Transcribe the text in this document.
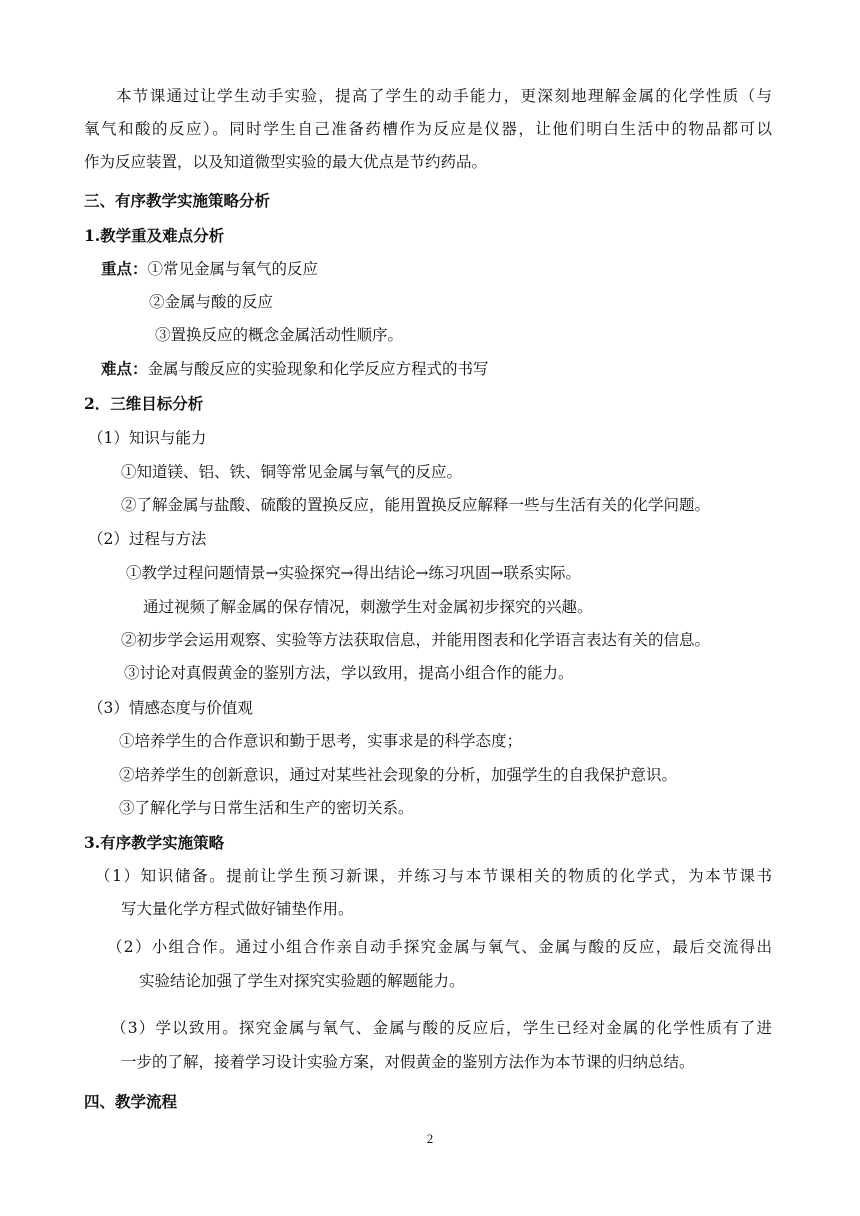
本节课通过让学生动手实验，提高了学生的动手能力，更深刻地理解金属的化学性质（与
氧气和酸的反应）。同时学生自己准备药槽作为反应是仪器，让他们明白生活中的物品都可以
作为反应装置，以及知道微型实验的最大优点是节约药品。
三、有序教学实施策略分析
1.教学重及难点分析
重点：①常见金属与氧气的反应
②金属与酸的反应
③置换反应的概念金属活动性顺序。
难点：金属与酸反应的实验现象和化学反应方程式的书写
2．三维目标分析
（1）知识与能力
①知道镁、铝、铁、铜等常见金属与氧气的反应。
②了解金属与盐酸、硫酸的置换反应，能用置换反应解释一些与生活有关的化学问题。
（2）过程与方法
①教学过程问题情景→实验探究→得出结论→练习巩固→联系实际。
通过视频了解金属的保存情况，刺激学生对金属初步探究的兴趣。
②初步学会运用观察、实验等方法获取信息，并能用图表和化学语言表达有关的信息。
③讨论对真假黄金的鉴别方法，学以致用，提高小组合作的能力。
（3）情感态度与价值观
①培养学生的合作意识和勤于思考，实事求是的科学态度；
②培养学生的创新意识，通过对某些社会现象的分析，加强学生的自我保护意识。
③了解化学与日常生活和生产的密切关系。
3.有序教学实施策略
（1）知识储备。提前让学生预习新课，并练习与本节课相关的物质的化学式，为本节课书
写大量化学方程式做好铺垫作用。
（2）小组合作。通过小组合作亲自动手探究金属与氧气、金属与酸的反应，最后交流得出
实验结论加强了学生对探究实验题的解题能力。
（3）学以致用。探究金属与氧气、金属与酸的反应后，学生已经对金属的化学性质有了进
一步的了解，接着学习设计实验方案，对假黄金的鉴别方法作为本节课的归纳总结。
四、教学流程
2
